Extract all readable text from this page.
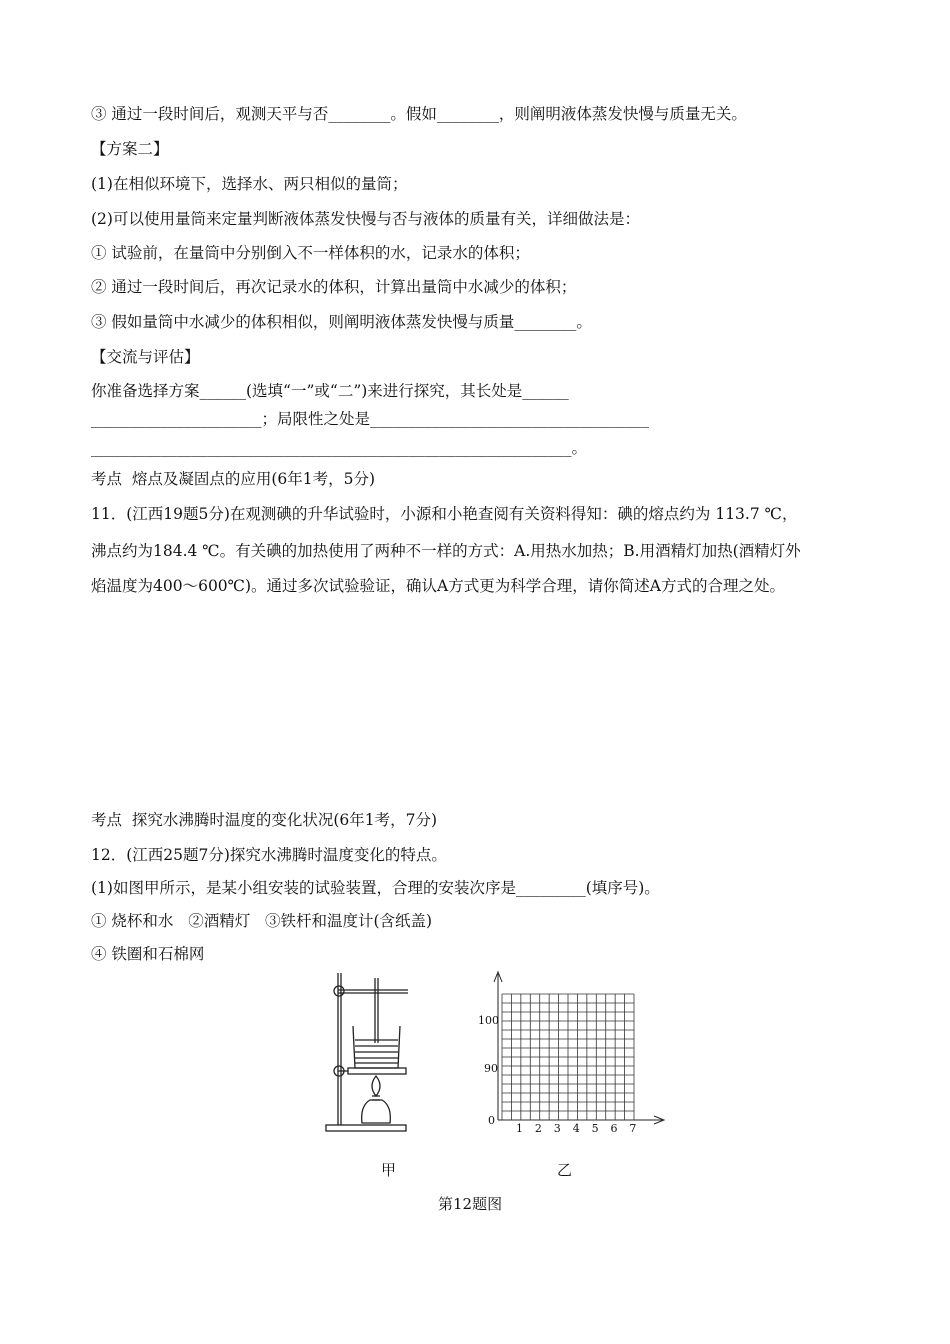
③ 通过一段时间后，观测天平与否________。假如________，则阐明液体蒸发快慢与质量无关。
【方案二】
(1)在相似环境下，选择水、两只相似的量筒；
(2)可以使用量筒来定量判断液体蒸发快慢与否与液体的质量有关，详细做法是：
① 试验前，在量筒中分别倒入不一样体积的水，记录水的体积；
② 通过一段时间后，再次记录水的体积，计算出量筒中水减少的体积；
③ 假如量筒中水减少的体积相似，则阐明液体蒸发快慢与质量________。
【交流与评估】
你准备选择方案______(选填“一”或“二”)来进行探究，其长处是______
______________________；局限性之处是____________________________________
______________________________________________________________。
考点  熔点及凝固点的应用(6年1考，5分)
11．(江西19题5分)在观测碘的升华试验时，小源和小艳查阅有关资料得知：碘的熔点约为 113.7 ℃，
沸点约为184.4 ℃。有关碘的加热使用了两种不一样的方式：A.用热水加热；B.用酒精灯加热(酒精灯外
焰温度为400～600℃)。通过多次试验验证，确认A方式更为科学合理，请你简述A方式的合理之处。
考点  探究水沸腾时温度的变化状况(6年1考，7分)
12．(江西25题7分)探究水沸腾时温度变化的特点。
(1)如图甲所示，是某小组安装的试验装置，合理的安装次序是_________(填序号)。
① 烧杯和水   ②酒精灯   ③铁杆和温度计(含纸盖)
④ 铁圈和石棉网
100
90
0
1 2 3 4 5 6 7
甲	乙
第12题图
